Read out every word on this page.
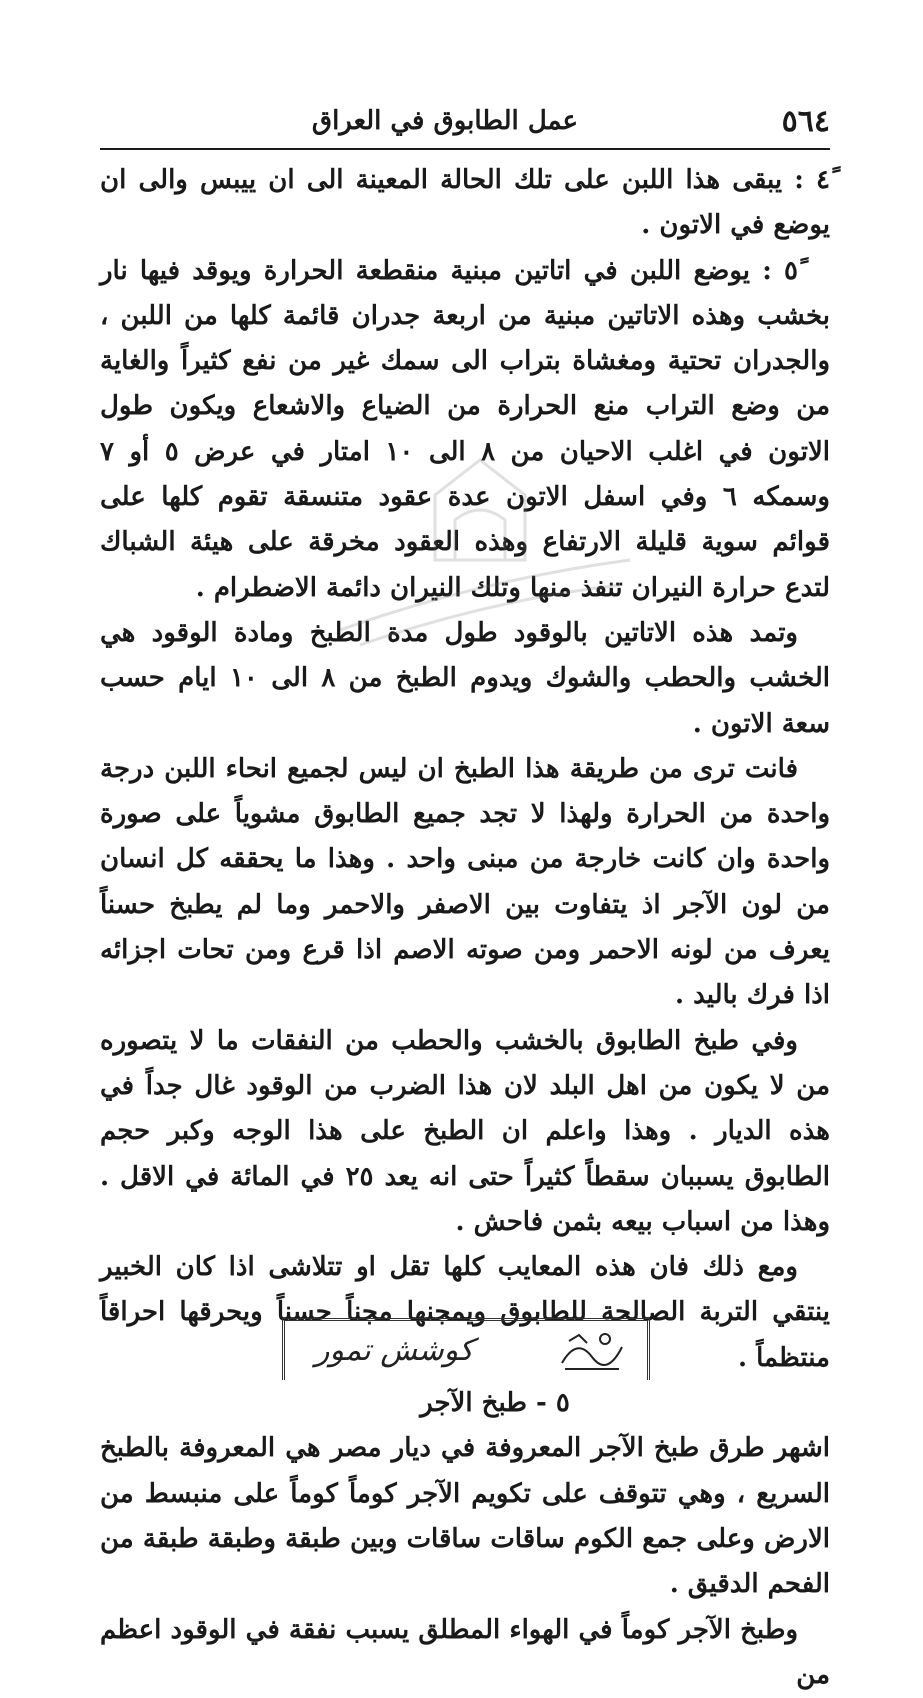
٥٦٤
عمل الطابوق في العراق

٤ً : يبقى هذا اللبن على تلك الحالة المعينة الى ان ييبس والى ان يوضع في الاتون .

٥ً : يوضع اللبن في اتاتين مبنية منقطعة الحرارة ويوقد فيها نار بخشب وهذه الاتاتين مبنية من اربعة جدران قائمة كلها من اللبن ، والجدران تحتية ومغشاة بتراب الى سمك غير من نفع كثيراً والغاية من وضع التراب منع الحرارة من الضياع والاشعاع ويكون طول الاتون في اغلب الاحيان من ٨ الى ١٠ امتار في عرض ٥ أو ٧ وسمكه ٦ وفي اسفل الاتون عدة عقود متنسقة تقوم كلها على قوائم سوية قليلة الارتفاع وهذه العقود مخرقة على هيئة الشباك لتدع حرارة النيران تنفذ منها وتلك النيران دائمة الاضطرام .

وتمد هذه الاتاتين بالوقود طول مدة الطبخ ومادة الوقود هي الخشب والحطب والشوك ويدوم الطبخ من ٨ الى ١٠ ايام حسب سعة الاتون .

فانت ترى من طريقة هذا الطبخ ان ليس لجميع انحاء اللبن درجة واحدة من الحرارة ولهذا لا تجد جميع الطابوق مشوياً على صورة واحدة وان كانت خارجة من مبنى واحد . وهذا ما يحققه كل انسان من لون الآجر اذ يتفاوت بين الاصفر والاحمر وما لم يطبخ حسناً يعرف من لونه الاحمر ومن صوته الاصم اذا قرع ومن تحات اجزائه اذا فرك باليد .

وفي طبخ الطابوق بالخشب والحطب من النفقات ما لا يتصوره من لا يكون من اهل البلد لان هذا الضرب من الوقود غال جداً في هذه الديار . وهذا واعلم ان الطبخ على هذا الوجه وكبر حجم الطابوق يسببان سقطاً كثيراً حتى انه يعد ٢٥ في المائة في الاقل . وهذا من اسباب بيعه بثمن فاحش .

ومع ذلك فان هذه المعايب كلها تقل او تتلاشى اذا كان الخبير ينتقي التربة الصالحة للطابوق ويمجنها مجناً حسناً ويحرقها احراقاً منتظماً .

٥ - طبخ الآجر

اشهر طرق طبخ الآجر المعروفة في ديار مصر هي المعروفة بالطبخ السريع ، وهي تتوقف على تكويم الآجر كوماً كوماً على منبسط من الارض وعلى جمع الكوم ساقات ساقات وبين طبقة وطبقة طبقة من الفحم الدقيق .

وطبخ الآجر كوماً في الهواء المطلق يسبب نفقة في الوقود اعظم من

كوشش تمور
